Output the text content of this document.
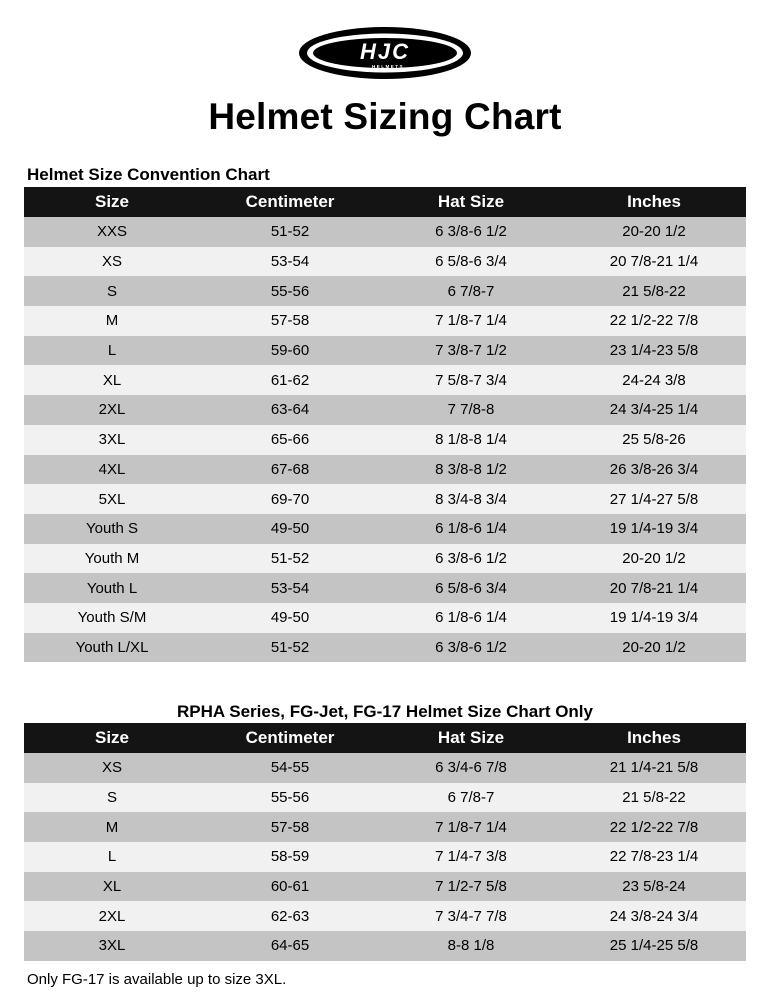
HJC
HELMETS
Helmet Sizing Chart
Helmet Size Convention Chart
Size	Centimeter	Hat Size	Inches
XXS	51-52	6 3/8-6 1/2	20-20 1/2
XS	53-54	6 5/8-6 3/4	20 7/8-21 1/4
S	55-56	6 7/8-7	21 5/8-22
M	57-58	7 1/8-7 1/4	22 1/2-22 7/8
L	59-60	7 3/8-7 1/2	23 1/4-23 5/8
XL	61-62	7 5/8-7 3/4	24-24 3/8
2XL	63-64	7 7/8-8	24 3/4-25 1/4
3XL	65-66	8 1/8-8 1/4	25 5/8-26
4XL	67-68	8 3/8-8 1/2	26 3/8-26 3/4
5XL	69-70	8 3/4-8 3/4	27 1/4-27 5/8
Youth S	49-50	6 1/8-6 1/4	19 1/4-19 3/4
Youth M	51-52	6 3/8-6 1/2	20-20 1/2
Youth L	53-54	6 5/8-6 3/4	20 7/8-21 1/4
Youth S/M	49-50	6 1/8-6 1/4	19 1/4-19 3/4
Youth L/XL	51-52	6 3/8-6 1/2	20-20 1/2
RPHA Series, FG-Jet, FG-17 Helmet Size Chart Only
Size	Centimeter	Hat Size	Inches
XS	54-55	6 3/4-6 7/8	21 1/4-21 5/8
S	55-56	6 7/8-7	21 5/8-22
M	57-58	7 1/8-7 1/4	22 1/2-22 7/8
L	58-59	7 1/4-7 3/8	22 7/8-23 1/4
XL	60-61	7 1/2-7 5/8	23 5/8-24
2XL	62-63	7 3/4-7 7/8	24 3/8-24 3/4
3XL	64-65	8-8 1/8	25 1/4-25 5/8
Only FG-17 is available up to size 3XL.
